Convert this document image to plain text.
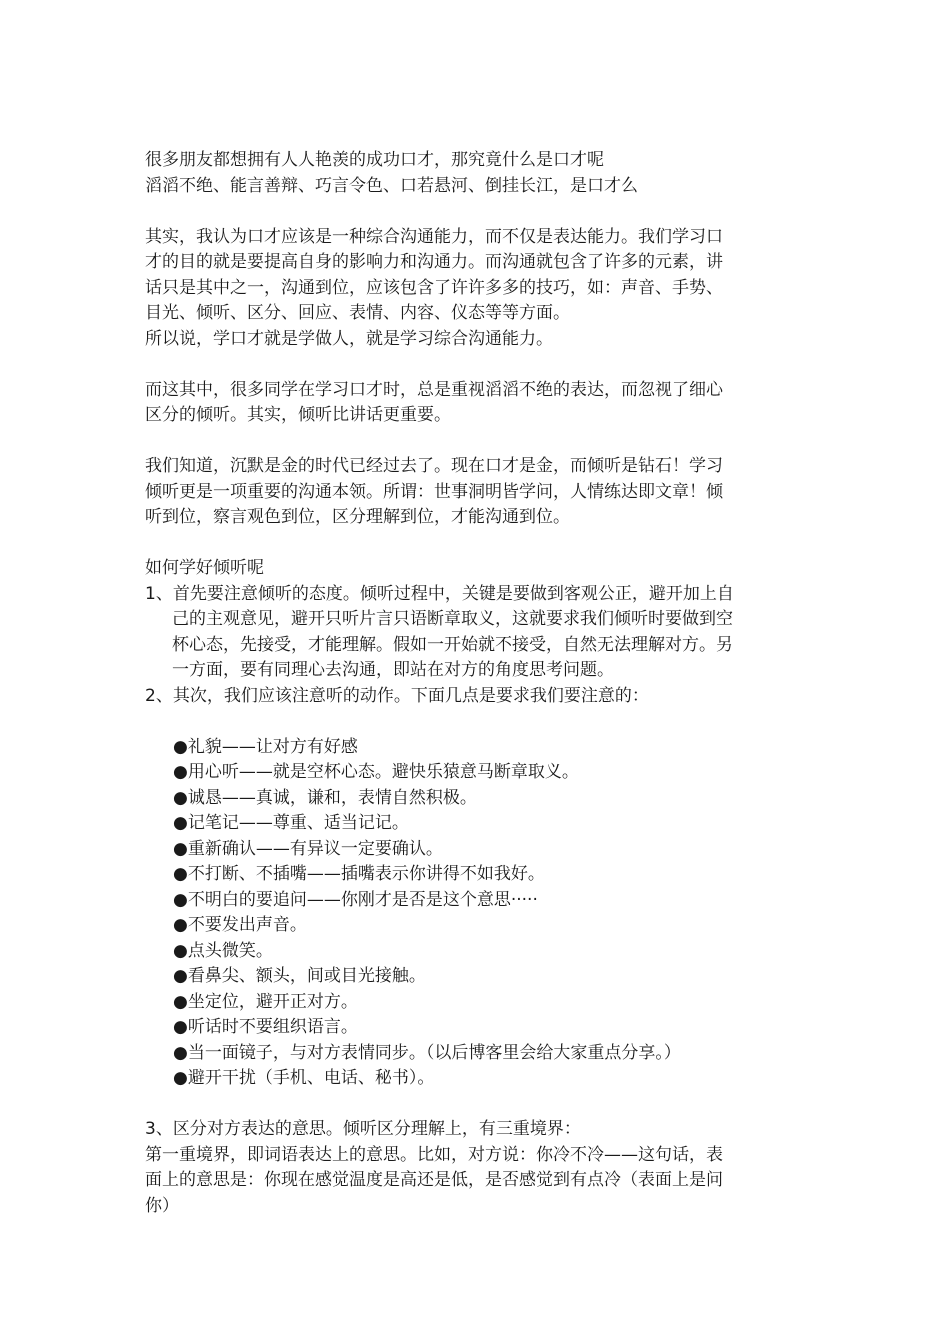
很多朋友都想拥有人人艳羡的成功口才，那究竟什么是口才呢
滔滔不绝、能言善辩、巧言令色、口若悬河、倒挂长江，是口才么
其实，我认为口才应该是一种综合沟通能力，而不仅是表达能力。我们学习口
才的目的就是要提高自身的影响力和沟通力。而沟通就包含了许多的元素，讲
话只是其中之一，沟通到位，应该包含了许许多多的技巧，如：声音、手势、
目光、倾听、区分、回应、表情、内容、仪态等等方面。
所以说，学口才就是学做人，就是学习综合沟通能力。
而这其中，很多同学在学习口才时，总是重视滔滔不绝的表达，而忽视了细心
区分的倾听。其实，倾听比讲话更重要。
我们知道，沉默是金的时代已经过去了。现在口才是金，而倾听是钻石！学习
倾听更是一项重要的沟通本领。所谓：世事洞明皆学问，人情练达即文章！倾
听到位，察言观色到位，区分理解到位，才能沟通到位。
如何学好倾听呢
1、首先要注意倾听的态度。倾听过程中，关键是要做到客观公正，避开加上自
己的主观意见，避开只听片言只语断章取义，这就要求我们倾听时要做到空
杯心态，先接受，才能理解。假如一开始就不接受，自然无法理解对方。另
一方面，要有同理心去沟通，即站在对方的角度思考问题。
2、其次，我们应该注意听的动作。下面几点是要求我们要注意的：
●礼貌——让对方有好感
●用心听——就是空杯心态。避快乐猿意马断章取义。
●诚恳——真诚，谦和，表情自然积极。
●记笔记——尊重、适当记记。
●重新确认——有异议一定要确认。
●不打断、不插嘴——插嘴表示你讲得不如我好。
●不明白的要追问——你刚才是否是这个意思·····
●不要发出声音。
●点头微笑。
●看鼻尖、额头，间或目光接触。
●坐定位，避开正对方。
●听话时不要组织语言。
●当一面镜子，与对方表情同步。（以后博客里会给大家重点分享。）
●避开干扰（手机、电话、秘书）。
3、区分对方表达的意思。倾听区分理解上，有三重境界：
第一重境界，即词语表达上的意思。比如，对方说：你冷不冷——这句话，表
面上的意思是：你现在感觉温度是高还是低，是否感觉到有点冷（表面上是问
你）
